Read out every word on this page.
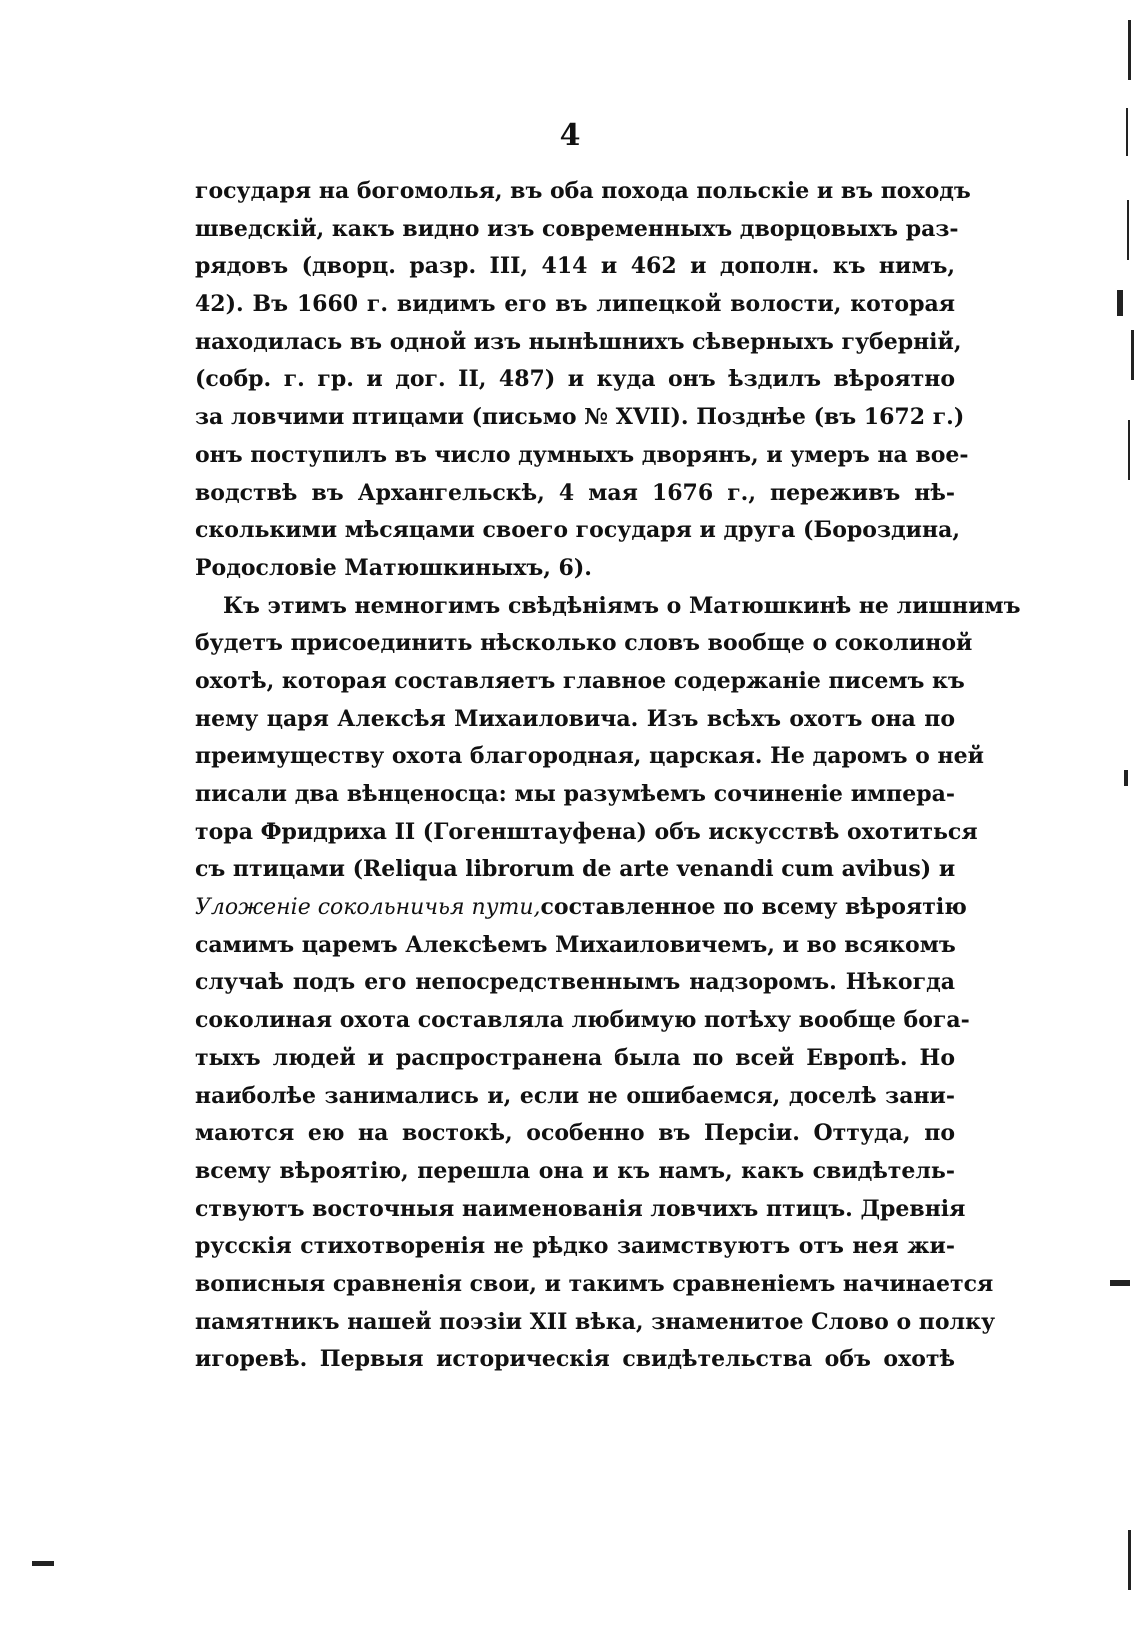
4
государя на богомолья, въ оба похода польскіе и въ походъ
шведскій, какъ видно изъ современныхъ дворцовыхъ раз-
рядовъ (дворц. разр. III, 414 и 462 и дополн. къ нимъ,
42). Въ 1660 г. видимъ его въ липецкой волости, которая
находилась въ одной изъ нынѣшнихъ сѣверныхъ губерній,
(собр. г. гр. и дог. II, 487) и куда онъ ѣздилъ вѣроятно
за ловчими птицами (письмо № XVII). Позднѣе (въ 1672 г.)
онъ поступилъ въ число думныхъ дворянъ, и умеръ на вое-
водствѣ въ Архангельскѣ, 4 мая 1676 г., переживъ нѣ-
сколькими мѣсяцами своего государя и друга (Бороздина,
Родословіе Матюшкиныхъ, 6).
Къ этимъ немногимъ свѣдѣніямъ о Матюшкинѣ не лишнимъ
будетъ присоединить нѣсколько словъ вообще о соколиной
охотѣ, которая составляетъ главное содержаніе писемъ къ
нему царя Алексѣя Михаиловича. Изъ всѣхъ охотъ она по
преимуществу охота благородная, царская. Не даромъ о ней
писали два вѣнценосца: мы разумѣемъ сочиненіе импера-
тора Фридриха II (Гогенштауфена) объ искусствѣ охотиться
съ птицами (Reliqua librorum de arte venandi cum avibus) и
Уложеніе сокольничья пути,составленное по всему вѣроятію
самимъ царемъ Алексѣемъ Михаиловичемъ, и во всякомъ
случаѣ подъ его непосредственнымъ надзоромъ. Нѣкогда
соколиная охота составляла любимую потѣху вообще бога-
тыхъ людей и распространена была по всей Европѣ. Но
наиболѣе занимались и, если не ошибаемся, доселѣ зани-
маются ею на востокѣ, особенно въ Персіи. Оттуда, по
всему вѣроятію, перешла она и къ намъ, какъ свидѣтель-
ствуютъ восточныя наименованія ловчихъ птицъ. Древнія
русскія стихотворенія не рѣдко заимствуютъ отъ нея жи-
вописныя сравненія свои, и такимъ сравненіемъ начинается
памятникъ нашей поэзіи XII вѣка, знаменитое Слово о полку
игоревѣ. Первыя историческія свидѣтельства объ охотѣ
